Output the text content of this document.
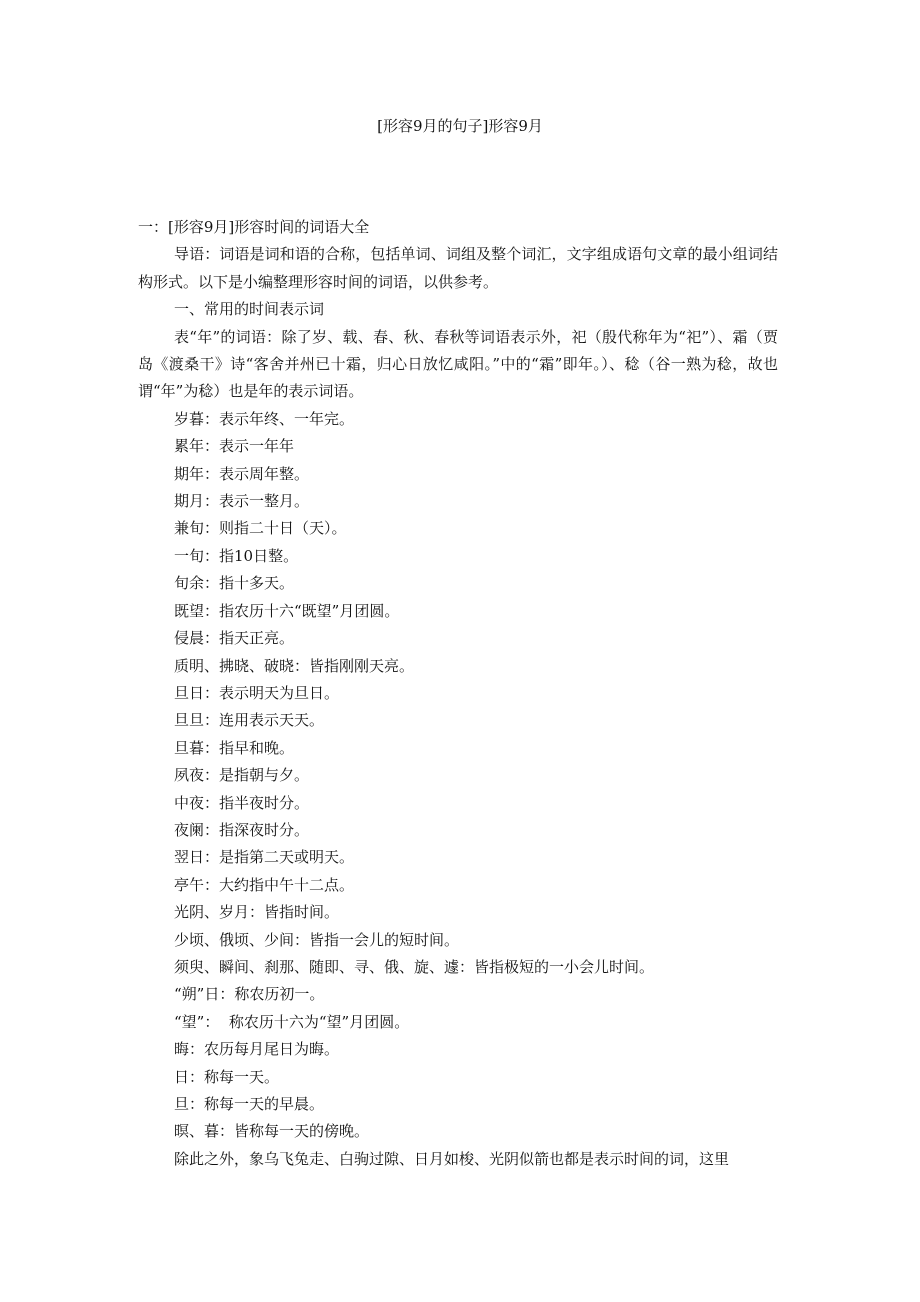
[形容9月的句子]形容9月

一：[形容9月]形容时间的词语大全

导语：词语是词和语的合称，包括单词、词组及整个词汇，文字组成语句文章的最小组词结构形式。以下是小编整理形容时间的词语，以供参考。

一、常用的时间表示词

表“年”的词语：除了岁、载、春、秋、春秋等词语表示外，祀（殷代称年为“祀”）、霜（贾岛《渡桑干》诗“客舍并州已十霜，归心日放忆咸阳。”中的“霜”即年。）、稔（谷一熟为稔，故也谓“年”为稔）也是年的表示词语。

岁暮：表示年终、一年完。

累年：表示一年年

期年：表示周年整。

期月：表示一整月。

兼旬：则指二十日（天）。

一旬：指10日整。

旬余：指十多天。

既望：指农历十六“既望”月团圆。

侵晨：指天正亮。

质明、拂晓、破晓：皆指刚刚天亮。

旦日：表示明天为旦日。

旦旦：连用表示天天。

旦暮：指早和晚。

夙夜：是指朝与夕。

中夜：指半夜时分。

夜阑：指深夜时分。

翌日：是指第二天或明天。

亭午：大约指中午十二点。

光阴、岁月：皆指时间。

少顷、俄顷、少间：皆指一会儿的短时间。

须臾、瞬间、刹那、随即、寻、俄、旋、遽：皆指极短的一小会儿时间。

“朔”日：称农历初一。

“望”：  称农历十六为“望”月团圆。

晦：农历每月尾日为晦。

日：称每一天。

旦：称每一天的早晨。

暝、暮：皆称每一天的傍晚。

除此之外，象乌飞兔走、白驹过隙、日月如梭、光阴似箭也都是表示时间的词，这里
